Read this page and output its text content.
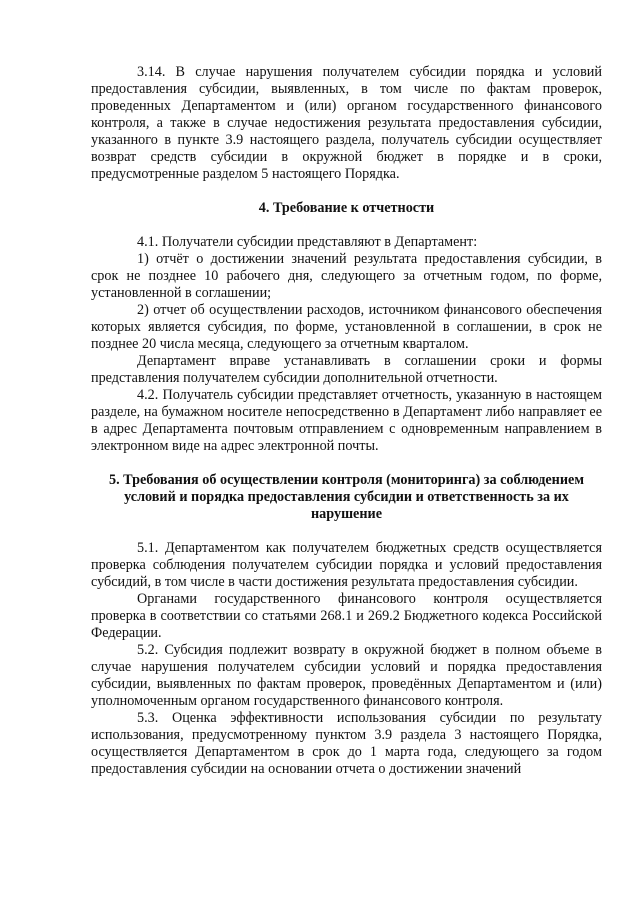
3.14. В случае нарушения получателем субсидии порядка и условий предоставления субсидии, выявленных, в том числе по фактам проверок, проведенных Департаментом и (или) органом государственного финансового контроля, а также в случае недостижения результата предоставления субсидии, указанного в пункте 3.9 настоящего раздела, получатель субсидии осуществляет возврат средств субсидии в окружной бюджет в порядке и в сроки, предусмотренные разделом 5 настоящего Порядка.

4. Требование к отчетности

4.1. Получатели субсидии представляют в Департамент:

1) отчёт о достижении значений результата предоставления субсидии, в срок не позднее 10 рабочего дня, следующего за отчетным годом, по форме, установленной в соглашении;

2) отчет об осуществлении расходов, источником финансового обеспечения которых является субсидия, по форме, установленной в соглашении, в срок не позднее 20 числа месяца, следующего за отчетным кварталом.

Департамент вправе устанавливать в соглашении сроки и формы представления получателем субсидии дополнительной отчетности.

4.2. Получатель субсидии представляет отчетность, указанную в настоящем разделе, на бумажном носителе непосредственно в Департамент либо направляет ее в адрес Департамента почтовым отправлением с одновременным направлением в электронном виде на адрес электронной почты.

5. Требования об осуществлении контроля (мониторинга) за соблюдением условий и порядка предоставления субсидии и ответственность за их нарушение

5.1. Департаментом как получателем бюджетных средств осуществляется проверка соблюдения получателем субсидии порядка и условий предоставления субсидий, в том числе в части достижения результата предоставления субсидии.

Органами государственного финансового контроля осуществляется проверка в соответствии со статьями 268.1 и 269.2 Бюджетного кодекса Российской Федерации.

5.2. Субсидия подлежит возврату в окружной бюджет в полном объеме в случае нарушения получателем субсидии условий и порядка предоставления субсидии, выявленных по фактам проверок, проведённых Департаментом и (или) уполномоченным органом государственного финансового контроля.

5.3. Оценка эффективности использования субсидии по результату использования, предусмотренному пунктом 3.9 раздела 3 настоящего Порядка, осуществляется Департаментом в срок до 1 марта года, следующего за годом предоставления субсидии на основании отчета о достижении значений
